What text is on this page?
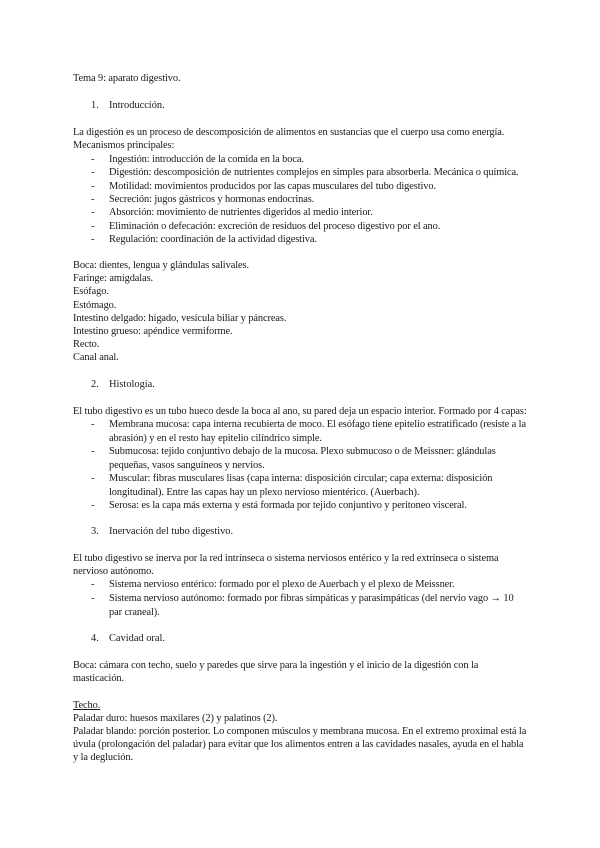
Tema 9: aparato digestivo.
1. Introducción.
La digestión es un proceso de descomposición de alimentos en sustancias que el cuerpo usa como energía.
Mecanismos principales:
- Ingestión: introducción de la comida en la boca.
- Digestión: descomposición de nutrientes complejos en simples para absorberla. Mecánica o química.
- Motilidad: movimientos producidos por las capas musculares del tubo digestivo.
- Secreción: jugos gástricos y hormonas endocrinas.
- Absorción: movimiento de nutrientes digeridos al medio interior.
- Eliminación o defecación: excreción de residuos del proceso digestivo por el ano.
- Regulación: coordinación de la actividad digestiva.
Boca: dientes, lengua y glándulas salivales.
Faringe: amígdalas.
Esófago.
Estómago.
Intestino delgado: hígado, vesícula biliar y páncreas.
Intestino grueso: apéndice vermiforme.
Recto.
Canal anal.
2. Histología.
El tubo digestivo es un tubo hueco desde la boca al ano, su pared deja un espacio interior. Formado por 4 capas:
- Membrana mucosa: capa interna recubierta de moco. El esófago tiene epitelio estratificado (resiste a la abrasión) y en el resto hay epitelio cilíndrico simple.
- Submucosa: tejido conjuntivo debajo de la mucosa. Plexo submucoso o de Meissner: glándulas pequeñas, vasos sanguíneos y nervios.
- Muscular: fibras musculares lisas (capa interna: disposición circular; capa externa: disposición longitudinal). Entre las capas hay un plexo nervioso mientérico. (Auerbach).
- Serosa: es la capa más externa y está formada por tejido conjuntivo y peritoneo visceral.
3. Inervación del tubo digestivo.
El tubo digestivo se inerva por la red intrínseca o sistema nerviosos entérico y la red extrínseca o sistema nervioso autónomo.
- Sistema nervioso entérico: formado por el plexo de Auerbach y el plexo de Meissner.
- Sistema nervioso autónomo: formado por fibras simpáticas y parasimpáticas (del nervio vago → 10 par craneal).
4. Cavidad oral.
Boca: cámara con techo, suelo y paredes que sirve para la ingestión y el inicio de la digestión con la masticación.
Techo.
Paladar duro: huesos maxilares (2) y palatinos (2).
Paladar blando: porción posterior. Lo componen músculos y membrana mucosa. En el extremo proximal está la úvula (prolongación del paladar) para evitar que los alimentos entren a las cavidades nasales, ayuda en el habla y la deglución.
